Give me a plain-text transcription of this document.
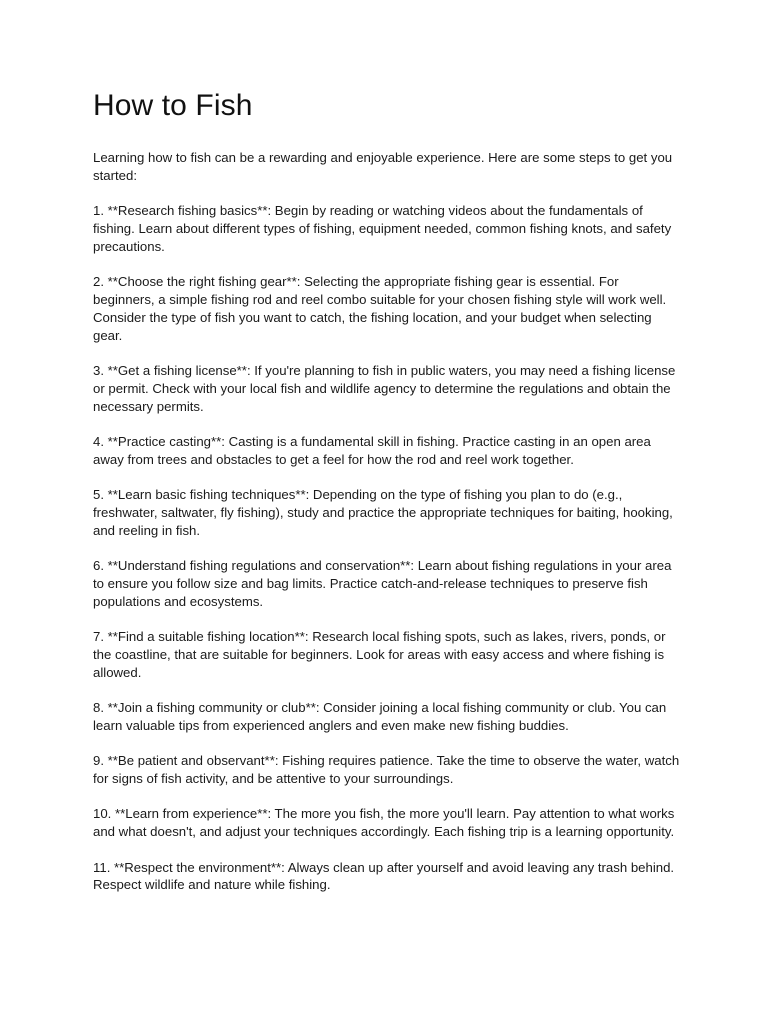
How to Fish

Learning how to fish can be a rewarding and enjoyable experience. Here are some steps to get you started:

1. **Research fishing basics**: Begin by reading or watching videos about the fundamentals of fishing. Learn about different types of fishing, equipment needed, common fishing knots, and safety precautions.

2. **Choose the right fishing gear**: Selecting the appropriate fishing gear is essential. For beginners, a simple fishing rod and reel combo suitable for your chosen fishing style will work well. Consider the type of fish you want to catch, the fishing location, and your budget when selecting gear.

3. **Get a fishing license**: If you're planning to fish in public waters, you may need a fishing license or permit. Check with your local fish and wildlife agency to determine the regulations and obtain the necessary permits.

4. **Practice casting**: Casting is a fundamental skill in fishing. Practice casting in an open area away from trees and obstacles to get a feel for how the rod and reel work together.

5. **Learn basic fishing techniques**: Depending on the type of fishing you plan to do (e.g., freshwater, saltwater, fly fishing), study and practice the appropriate techniques for baiting, hooking, and reeling in fish.

6. **Understand fishing regulations and conservation**: Learn about fishing regulations in your area to ensure you follow size and bag limits. Practice catch-and-release techniques to preserve fish populations and ecosystems.

7. **Find a suitable fishing location**: Research local fishing spots, such as lakes, rivers, ponds, or the coastline, that are suitable for beginners. Look for areas with easy access and where fishing is allowed.

8. **Join a fishing community or club**: Consider joining a local fishing community or club. You can learn valuable tips from experienced anglers and even make new fishing buddies.

9. **Be patient and observant**: Fishing requires patience. Take the time to observe the water, watch for signs of fish activity, and be attentive to your surroundings.

10. **Learn from experience**: The more you fish, the more you'll learn. Pay attention to what works and what doesn't, and adjust your techniques accordingly. Each fishing trip is a learning opportunity.

11. **Respect the environment**: Always clean up after yourself and avoid leaving any trash behind. Respect wildlife and nature while fishing.
